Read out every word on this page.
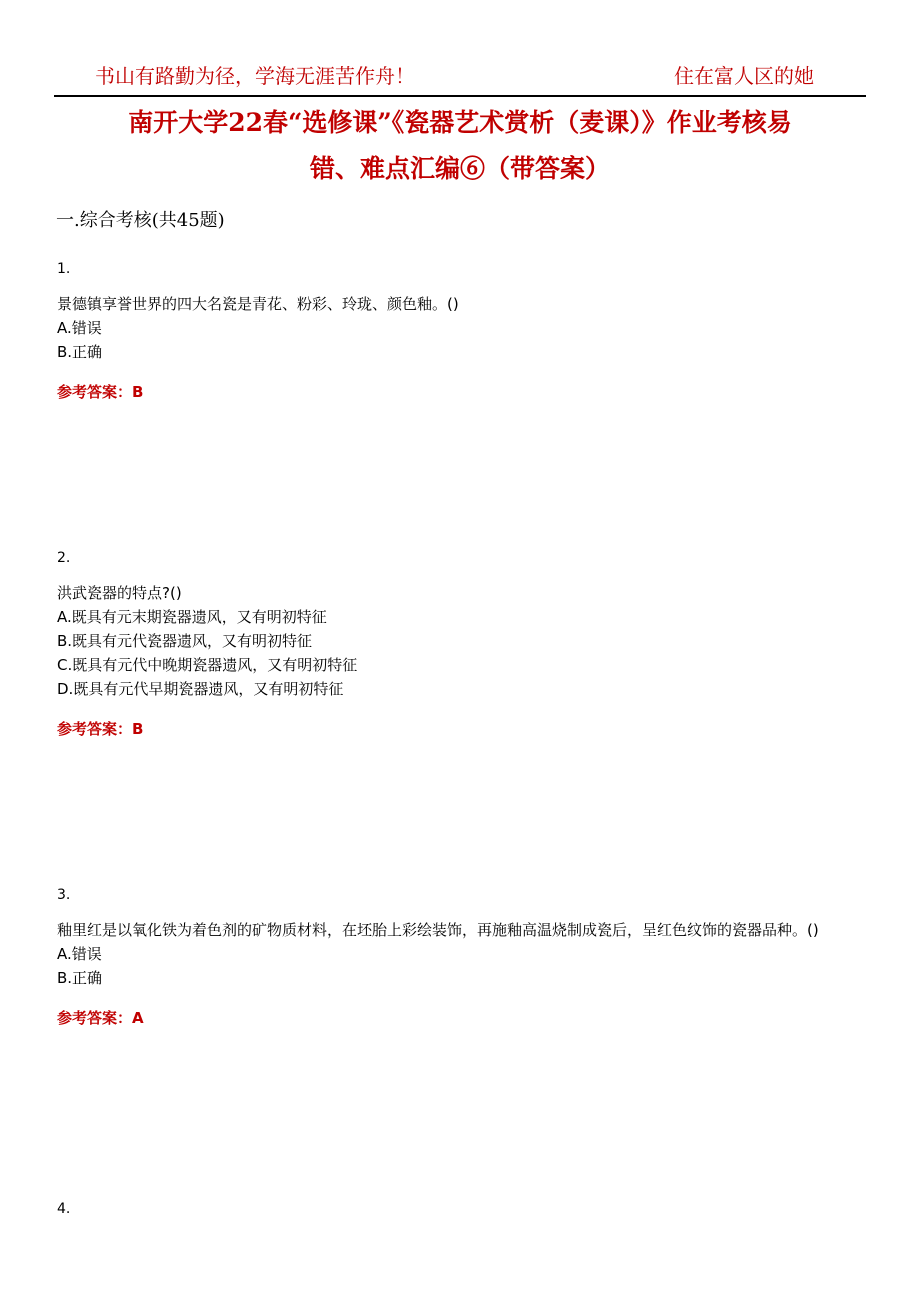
书山有路勤为径，学海无涯苦作舟！	住在富人区的她
南开大学22春“选修课”《瓷器艺术赏析（麦课）》作业考核易
错、难点汇编⑥（带答案）
一.综合考核(共45题)

1.

景德镇享誉世界的四大名瓷是青花、粉彩、玲珑、颜色釉。()

A.错误

B.正确

参考答案：B

2.

洪武瓷器的特点?()

A.既具有元末期瓷器遗风，又有明初特征

B.既具有元代瓷器遗风，又有明初特征

C.既具有元代中晚期瓷器遗风，又有明初特征

D.既具有元代早期瓷器遗风，又有明初特征

参考答案：B

3.

釉里红是以氧化铁为着色剂的矿物质材料，在坯胎上彩绘装饰，再施釉高温烧制成瓷后，呈红色纹饰的瓷器品种。()

A.错误

B.正确

参考答案：A

4.
